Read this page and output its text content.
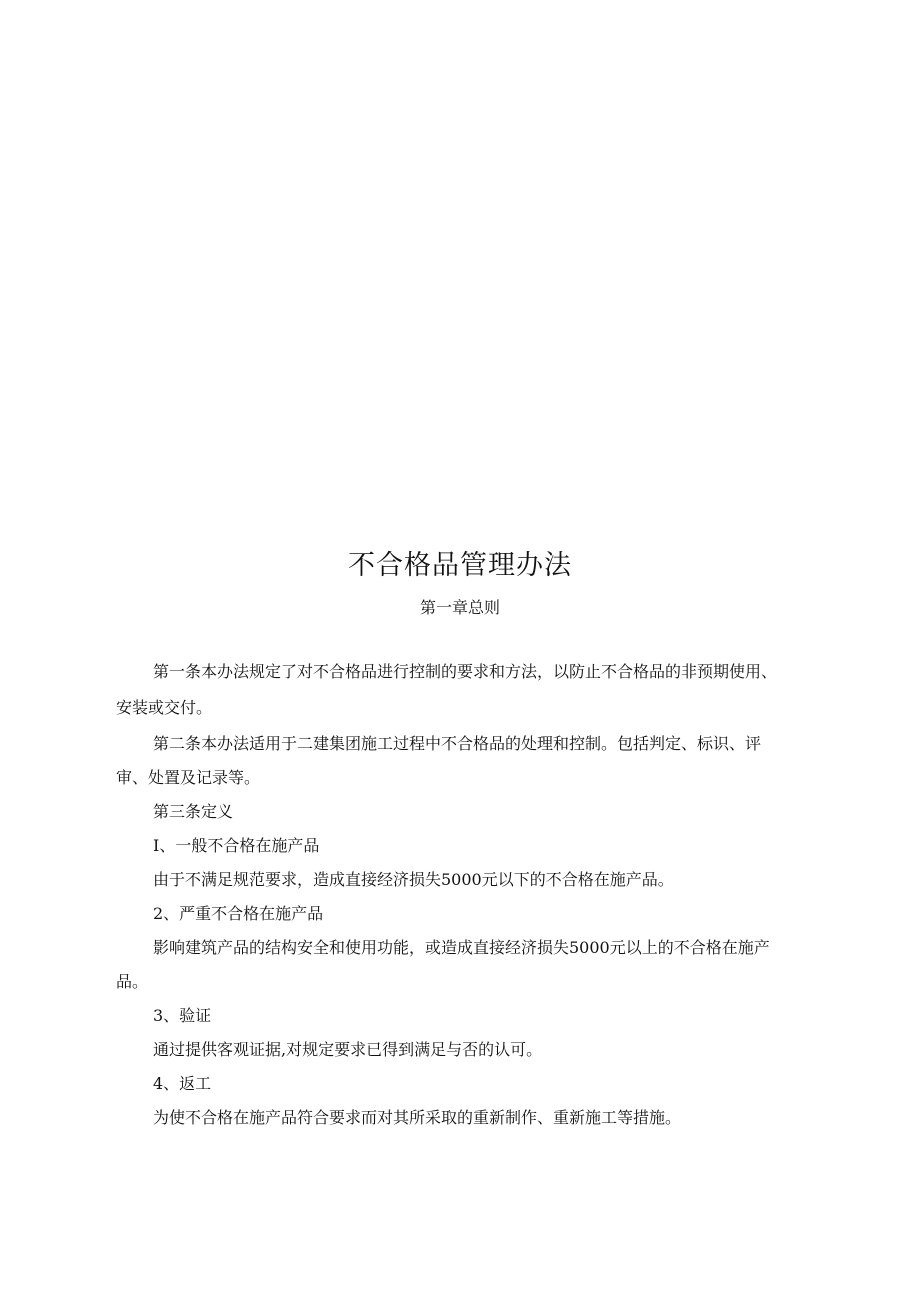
不合格品管理办法
第一章总则
第一条本办法规定了对不合格品进行控制的要求和方法，以防止不合格品的非预期使用、
安装或交付。
第二条本办法适用于二建集团施工过程中不合格品的处理和控制。包括判定、标识、评
审、处置及记录等。
第三条定义
I、一般不合格在施产品
由于不满足规范要求，造成直接经济损失5000元以下的不合格在施产品。
2、严重不合格在施产品
影响建筑产品的结构安全和使用功能，或造成直接经济损失5000元以上的不合格在施产
品。
3、验证
通过提供客观证据,对规定要求已得到满足与否的认可。
4、返工
为使不合格在施产品符合要求而对其所采取的重新制作、重新施工等措施。
